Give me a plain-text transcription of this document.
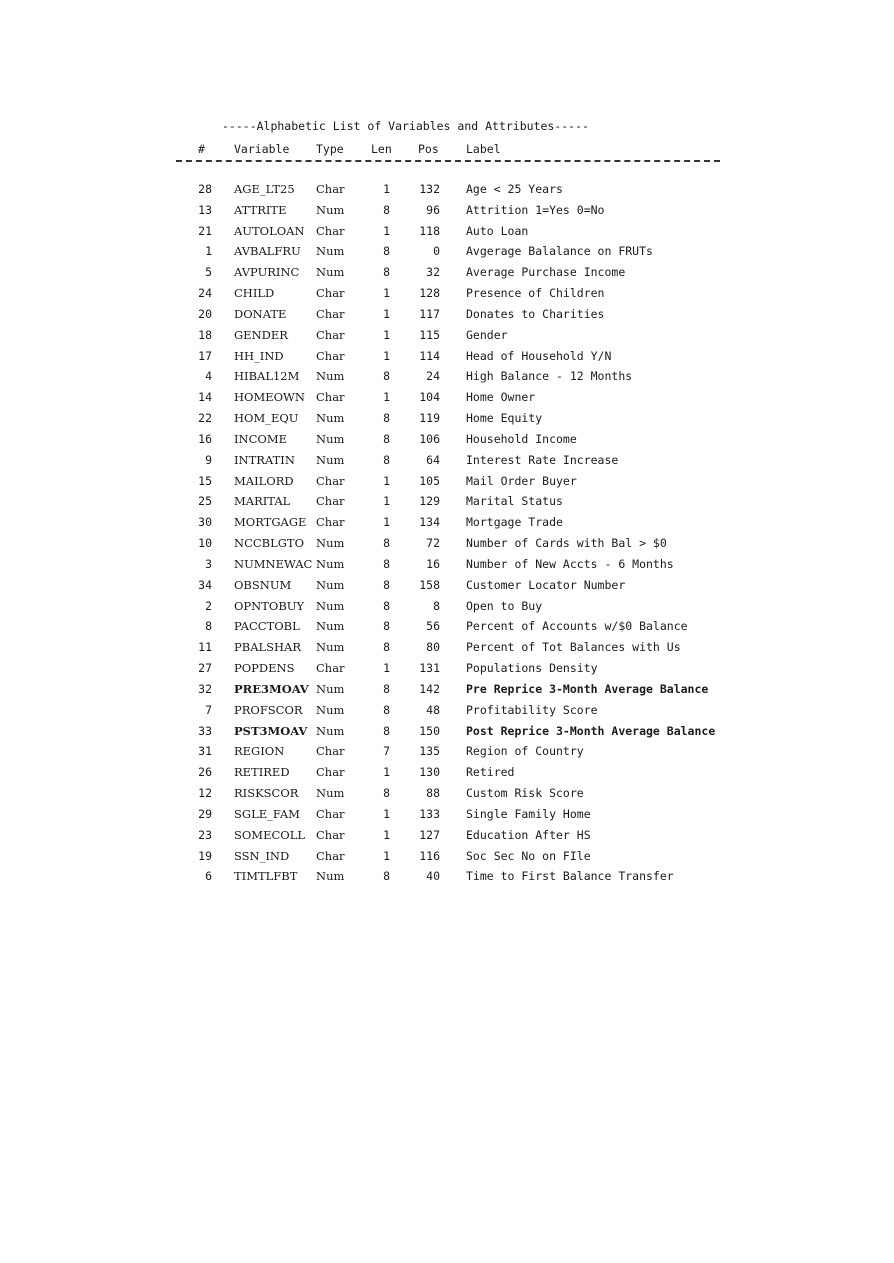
-----Alphabetic List of Variables and Attributes-----
#	Variable Type Len Pos Label
28 AGE_LT25 Char	1	132 Age < 25 Years
13 ATTRITE	Num	8	96 Attrition 1=Yes 0=No
21 AUTOLOAN Char	1	118 Auto Loan
1 AVBALFRU Num	8	0 Avgerage Balalance on FRUTs
5 AVPURINC Num	8	32 Average Purchase Income
24 CHILD	Char	1	128 Presence of Children
20 DONATE	Char	1	117 Donates to Charities
18 GENDER Char	1	115 Gender
17 HH_IND	Char	1	114 Head of Household Y/N
4 HIBAL12M Num	8	24 High Balance - 12 Months
14 HOMEOWN Char	1	104 Home Owner
22 HOM_EQU Num	8	119 Home Equity
16 INCOME	Num	8	106 Household Income
9 INTRATIN Num	8	64 Interest Rate Increase
15 MAILORD Char	1	105 Mail Order Buyer
25 MARITAL Char	1	129 Marital Status
30 MORTGAGE Char	1	134 Mortgage Trade
10 NCCBLGTO Num	8	72 Number of Cards with Bal > $0
3 NUMNEWAC Num	8	16 Number of New Accts - 6 Months
34 OBSNUM Num	8	158 Customer Locator Number
2 OPNTOBUY Num	8	8 Open to Buy
8 PACCTOBL Num	8	56 Percent of Accounts w/$0 Balance
11 PBALSHAR Num	8	80 Percent of Tot Balances with Us
27 POPDENS Char	1	131 Populations Density
32 PRE3MOAV Num	8	142 Pre Reprice 3-Month Average Balance
7 PROFSCOR Num	8	48 Profitability Score
33 PST3MOAV Num	8	150 Post Reprice 3-Month Average Balance
31 REGION	Char	7	135 Region of Country
26 RETIRED Char	1	130 Retired
12 RISKSCOR Num	8	88 Custom Risk Score
29 SGLE_FAM Char	1	133 Single Family Home
23 SOMECOLL Char	1	127 Education After HS
19 SSN_IND Char	1	116 Soc Sec No on FIle
6 TIMTLFBT Num	8	40 Time to First Balance Transfer
